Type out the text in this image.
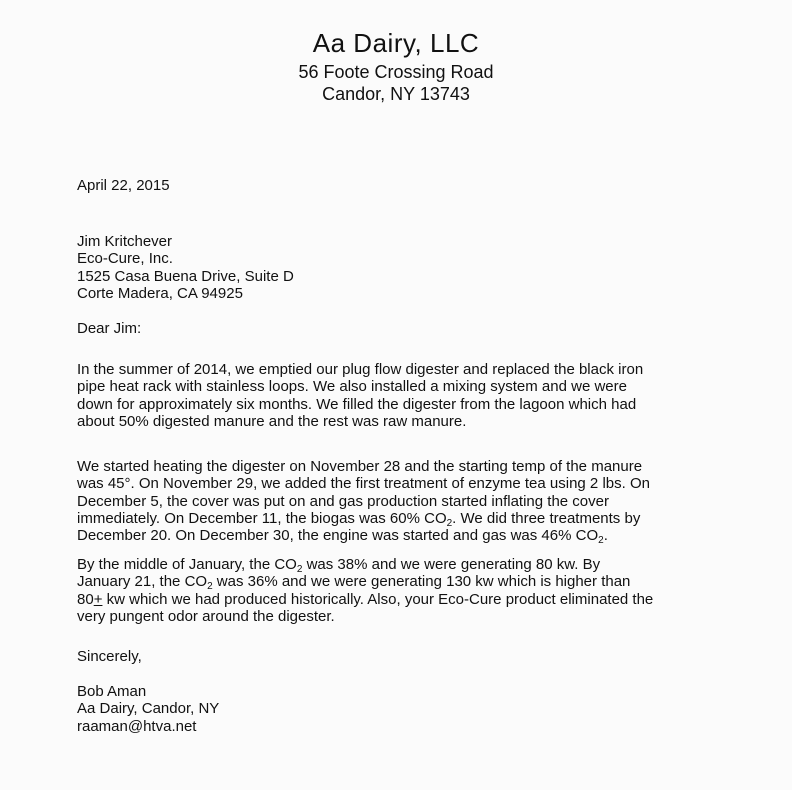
Aa Dairy, LLC
56 Foote Crossing Road
Candor, NY 13743
April 22, 2015
Jim Kritchever
Eco-Cure, Inc.
1525 Casa Buena Drive, Suite D
Corte Madera, CA 94925
Dear Jim:
In the summer of 2014, we emptied our plug flow digester and replaced the black iron
pipe heat rack with stainless loops. We also installed a mixing system and we were
down for approximately six months. We filled the digester from the lagoon which had
about 50% digested manure and the rest was raw manure.
We started heating the digester on November 28 and the starting temp of the manure
was 45°. On November 29, we added the first treatment of enzyme tea using 2 lbs. On
December 5, the cover was put on and gas production started inflating the cover
immediately. On December 11, the biogas was 60% $CO_2$. We did three treatments by
December 20. On December 30, the engine was started and gas was 46% $CO_2$.
By the middle of January, the $CO_2$ was 38% and we were generating 80 kw. By
January 21, the $CO_2$ was 36% and we were generating 130 kw which is higher than
80+ kw which we had produced historically. Also, your Eco-Cure product eliminated the
very pungent odor around the digester.
Sincerely,
Bob Aman
Aa Dairy, Candor, NY
raaman@htva.net
